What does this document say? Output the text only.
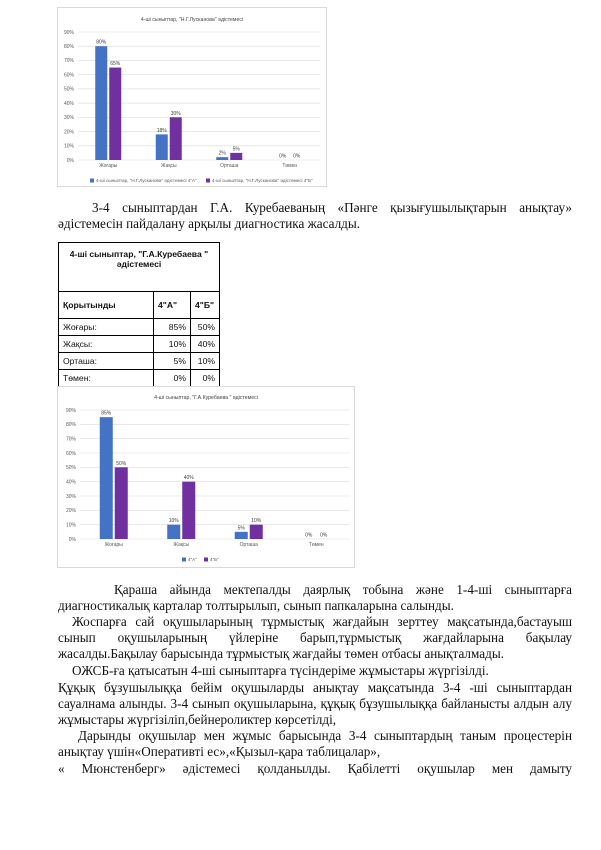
4-ші сыныптар, "Н.Г.Лусканова" әдістемесі
0%
10%
20%
30%
40%
50%
60%
70%
80%
90%
80%
65%
Жоғары
18%
30%
Жақсы
2%
5%
Орташа
0% 0%
Төмен
4-ші сыныптар, "Н.Г.Лусканова" әдістемесі 4"А"	4-ші сыныптар, "Н.Г.Лусканова" әдістемесі 4"Б"

3-4 сыныптардан Г.А. Куребаеваның «Пәнге қызығушылықтарын анықтау» әдістемесін пайдалану арқылы диагностика жасалды.

4-ші сыныптар, "Г.А.Куребаева " әдістемесі		
Қорытынды	4"А"	4"Б"
Жоғары:	85%	50%
Жақсы:	10%	40%
Орташа:	5%	10%
Төмен:	0%	0%
4-ші сыныптар, "Г.А.Куребаева " әдістемесі
0%
10%
20%
30%
40%
50%
60%
70%
80%
90%	85%
50%
Жоғары
10%
40%
Жақсы
5%
10%
Орташа
0% 0%
Төмен
4"А"	4"Б"

Қараша айында мектепалды даярлық тобына және 1-4-ші сыныптарға диагностикалық карталар толтырылып, сынып папкаларына салынды.

Жоспарға сай оқушыларының тұрмыстық жағдайын зерттеу мақсатында,бастауыш сынып оқушыларының үйлеріне барып,тұрмыстық жағдайларына бақылау жасалды.Бақылау барысында тұрмыстық жағдайы төмен отбасы анықталмады.

ОЖСБ-ға қатысатын 4-ші сыныптарға түсіндеріме жұмыстары жүргізілді.

Құқық бұзушылыққа бейім оқушыларды анықтау мақсатында 3-4 -ші сыныптардан сауалнама алынды. 3-4 сынып оқушыларына, құқық бұзушылыққа байланысты алдын алу жұмыстары жүргізіліп,бейнероликтер көрсетілді,

Дарынды оқушылар мен жұмыс барысында 3-4 сыныптардың таным процестерін анықтау үшін«Оперативті ес»,«Қызыл-қара таблицалар»,

« Мюнстенберг» әдістемесі қолданылды. Қабілетті оқушылар мен дамыту
